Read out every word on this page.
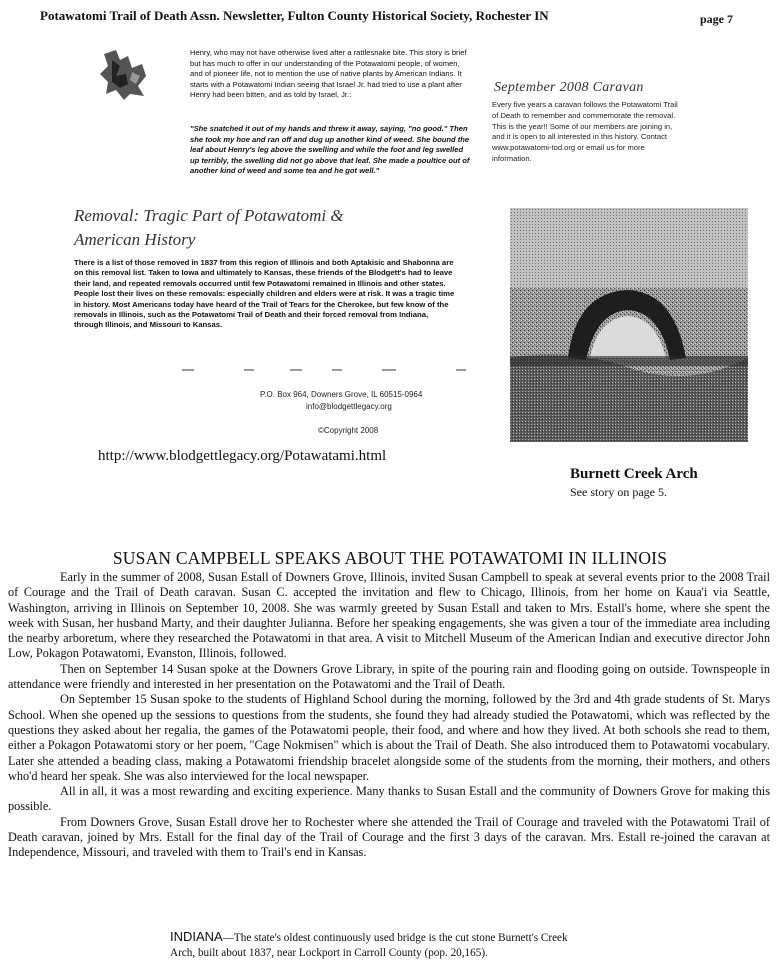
Potawatomi Trail of Death Assn. Newsletter, Fulton County Historical Society, Rochester IN	page 7
Henry, who may not have otherwise lived after a rattlesnake bite. This story is brief but has much to offer in our understanding of the Potawatomi people, of women, and of pioneer life, not to mention the use of native plants by American Indians. It starts with a Potawatomi Indian seeing that Israel Jr. had tried to use a plant after Henry had been bitten, and as told by Israel, Jr.:
"She snatched it out of my hands and threw it away, saying, "no good." Then she took my hoe and ran off and dug up another kind of weed. She bound the leaf about Henry's leg above the swelling and while the foot and leg swelled up terribly, the swelling did not go above that leaf. She made a poultice out of another kind of weed and some tea and he got well."
September 2008 Caravan
Every five years a caravan follows the Potawatomi Trail of Death to remember and commemorate the removal. This is the year!! Some of our members are joining in, and it is open to all interested in this history. Contact www.potawatomi-tod.org or email us for more information.
Removal: Tragic Part of Potawatomi &
American History
There is a list of those removed in 1837 from this region of Illinois and both Aptakisic and Shabonna are on this removal list. Taken to Iowa and ultimately to Kansas, these friends of the Blodgett's had to leave their land, and repeated removals occurred until few Potawatomi remained in Illinois and other states. People lost their lives on these removals: especially children and elders were at risk. It was a tragic time in history. Most Americans today have heard of the Trail of Tears for the Cherokee, but few know of the removals in Illinois, such as the Potawatomi Trail of Death and their forced removal from Indiana, through Illinois, and Missouri to Kansas.
P.O. Box 964, Downers Grove, IL 60515-0964
info@blodgettlegacy.org
©Copyright 2008
http://www.blodgettlegacy.org/Potawatami.html
Burnett Creek Arch
See story on page 5.
SUSAN CAMPBELL SPEAKS ABOUT THE POTAWATOMI IN ILLINOIS

Early in the summer of 2008, Susan Estall of Downers Grove, Illinois, invited Susan Campbell to speak at several events prior to the 2008 Trail of Courage and the Trail of Death caravan. Susan C. accepted the invitation and flew to Chicago, Illinois, from her home on Kaua'i via Seattle, Washington, arriving in Illinois on September 10, 2008. She was warmly greeted by Susan Estall and taken to Mrs. Estall's home, where she spent the week with Susan, her husband Marty, and their daughter Julianna. Before her speaking engagements, she was given a tour of the immediate area including the nearby arboretum, where they researched the Potawatomi in that area. A visit to Mitchell Museum of the American Indian and executive director John Low, Pokagon Potawatomi, Evanston, Illinois, followed.

Then on September 14 Susan spoke at the Downers Grove Library, in spite of the pouring rain and flooding going on outside. Townspeople in attendance were friendly and interested in her presentation on the Potawatomi and the Trail of Death.

On September 15 Susan spoke to the students of Highland School during the morning, followed by the 3rd and 4th grade students of St. Marys School. When she opened up the sessions to questions from the students, she found they had already studied the Potawatomi, which was reflected by the questions they asked about her regalia, the games of the Potawatomi people, their food, and where and how they lived. At both schools she read to them, either a Pokagon Potawatomi story or her poem, "Cage Nokmisen" which is about the Trail of Death. She also introduced them to Potawatomi vocabulary. Later she attended a beading class, making a Potawatomi friendship bracelet alongside some of the students from the morning, their mothers, and others who'd heard her speak. She was also interviewed for the local newspaper.

All in all, it was a most rewarding and exciting experience. Many thanks to Susan Estall and the community of Downers Grove for making this possible.

From Downers Grove, Susan Estall drove her to Rochester where she attended the Trail of Courage and traveled with the Potawatomi Trail of Death caravan, joined by Mrs. Estall for the final day of the Trail of Courage and the first 3 days of the caravan. Mrs. Estall re-joined the caravan at Independence, Missouri, and traveled with them to Trail's end in Kansas.

INDIANA—The state's oldest continuously used bridge is the cut stone Burnett's Creek Arch, built about 1837, near Lockport in Carroll County (pop. 20,165).
